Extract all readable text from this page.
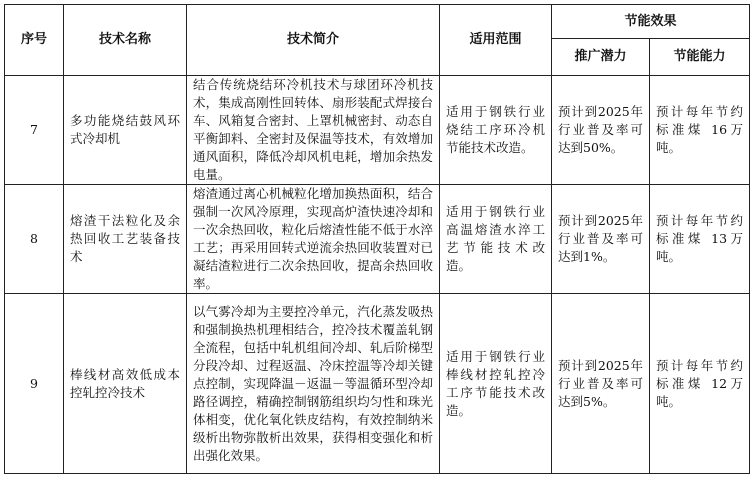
序号	技术名称	技术简介	适用范围	节能效果	
				推广潜力	节能能力
7	多功能烧结鼓风环式冷却机	结合传统烧结环冷机技术与球团环冷机技术，集成高刚性回转体、扇形装配式焊接台车、风箱复合密封、上罩机械密封、动态自平衡卸料、全密封及保温等技术，有效增加通风面积，降低冷却风机电耗，增加余热发电量。	适用于钢铁行业烧结工序环冷机节能技术改造。	预计到2025年行业普及率可达到50%。	预计每年节约标准煤 16万吨。
8	熔渣干法粒化及余热回收工艺装备技术	熔渣通过离心机械粒化增加换热面积，结合强制一次风冷原理，实现高炉渣快速冷却和一次余热回收，粒化后熔渣性能不低于水淬工艺；再采用回转式逆流余热回收装置对已凝结渣粒进行二次余热回收，提高余热回收率。	适用于钢铁行业高温熔渣水淬工艺节能技术改造。	预计到2025年行业普及率可达到1%。	预计每年节约标准煤 13万吨。
9	棒线材高效低成本控轧控冷技术	以气雾冷却为主要控冷单元，汽化蒸发吸热和强制换热机理相结合，控冷技术覆盖轧钢全流程，包括中轧机组间冷却、轧后阶梯型分段冷却、过程返温、冷床控温等冷却关键点控制，实现降温－返温－等温循环型冷却路径调控，精确控制钢筋组织均匀性和珠光体相变，优化氧化铁皮结构，有效控制纳米级析出物弥散析出效果，获得相变强化和析出强化效果。	适用于钢铁行业棒线材控轧控冷工序节能技术改造。	预计到2025年行业普及率可达到5%。	预计每年节约标准煤 12万吨。
